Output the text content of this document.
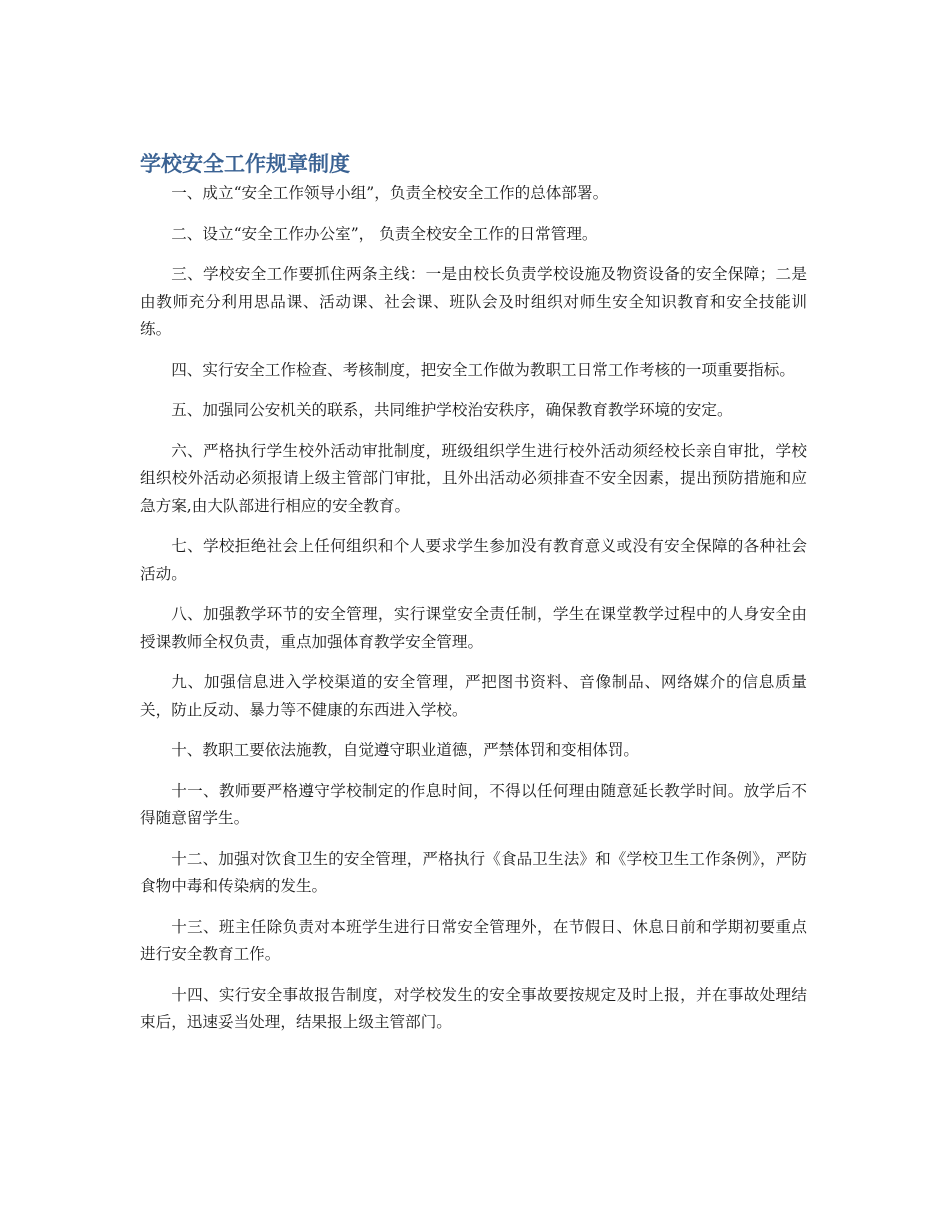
学校安全工作规章制度

一、成立“安全工作领导小组”，负责全校安全工作的总体部署。

二、设立“安全工作办公室”， 负责全校安全工作的日常管理。

三、学校安全工作要抓住两条主线：一是由校长负责学校设施及物资设备的安全保障；二是由教师充分利用思品课、活动课、社会课、班队会及时组织对师生安全知识教育和安全技能训练。

四、实行安全工作检查、考核制度，把安全工作做为教职工日常工作考核的一项重要指标。

五、加强同公安机关的联系，共同维护学校治安秩序，确保教育教学环境的安定。

六、严格执行学生校外活动审批制度，班级组织学生进行校外活动须经校长亲自审批，学校组织校外活动必须报请上级主管部门审批，且外出活动必须排查不安全因素，提出预防措施和应急方案,由大队部进行相应的安全教育。

七、学校拒绝社会上任何组织和个人要求学生参加没有教育意义或没有安全保障的各种社会活动。

八、加强教学环节的安全管理，实行课堂安全责任制，学生在课堂教学过程中的人身安全由授课教师全权负责，重点加强体育教学安全管理。

九、加强信息进入学校渠道的安全管理，严把图书资料、音像制品、网络媒介的信息质量关，防止反动、暴力等不健康的东西进入学校。

十、教职工要依法施教，自觉遵守职业道德，严禁体罚和变相体罚。

十一、教师要严格遵守学校制定的作息时间，不得以任何理由随意延长教学时间。放学后不得随意留学生。

十二、加强对饮食卫生的安全管理，严格执行《食品卫生法》和《学校卫生工作条例》，严防食物中毒和传染病的发生。

十三、班主任除负责对本班学生进行日常安全管理外，在节假日、休息日前和学期初要重点进行安全教育工作。

十四、实行安全事故报告制度，对学校发生的安全事故要按规定及时上报，并在事故处理结束后，迅速妥当处理，结果报上级主管部门。
